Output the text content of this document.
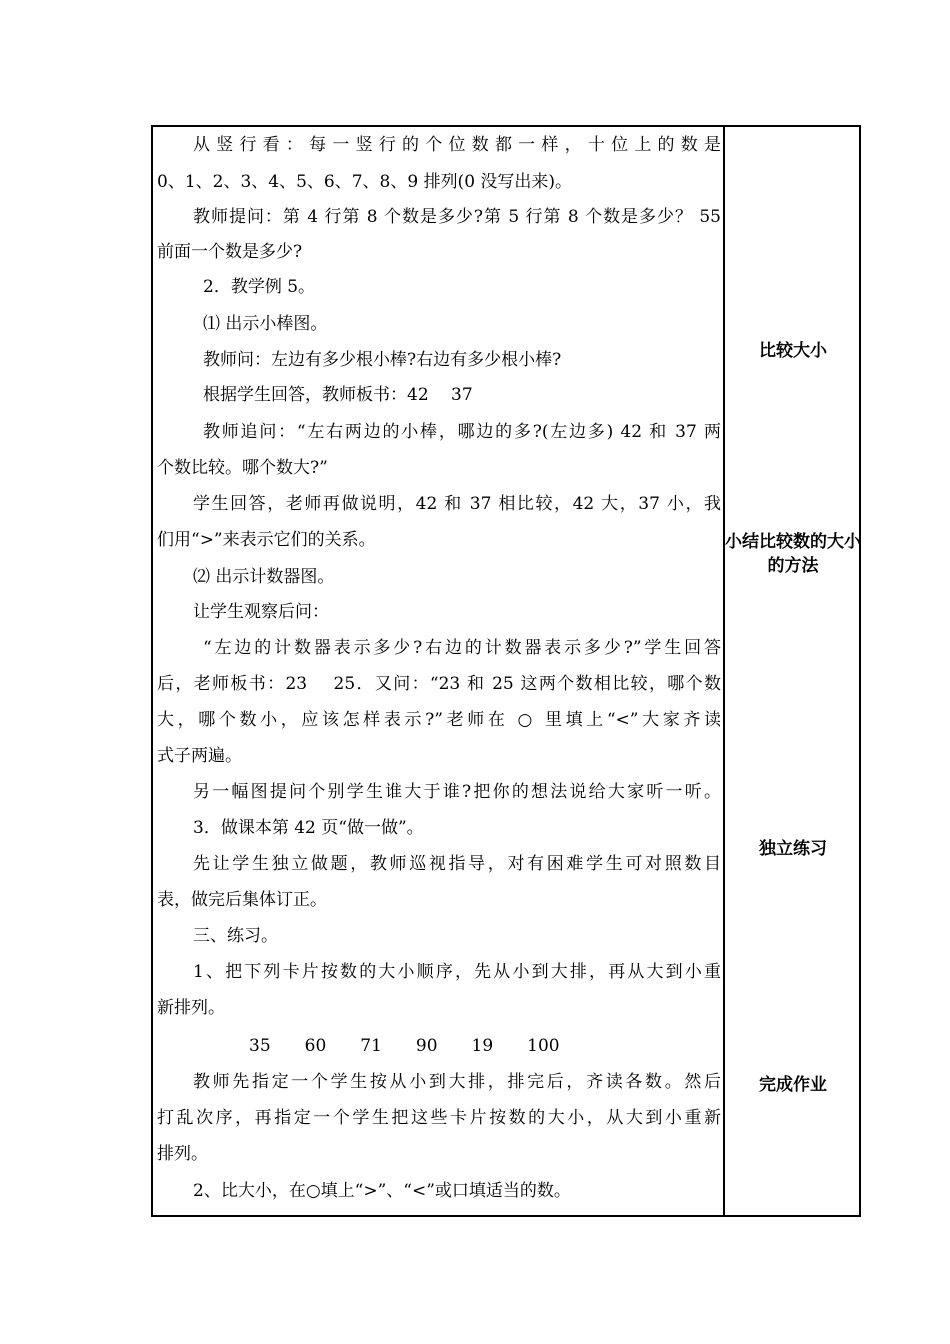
从竖行看：每一竖行的个位数都一样，十位上的数是
0、1、2、3、4、5、6、7、8、9 排列(0 没写出来)。
教师提问：第 4 行第 8 个数是多少?第 5 行第 8 个数是多少？ 55
前面一个数是多少?
2．教学例 5。
⑴ 出示小棒图。
教师问：左边有多少根小棒?右边有多少根小棒?
根据学生回答，教师板书：42　 37
教师追问：“左右两边的小棒，哪边的多?(左边多) 42 和 37 两
个数比较。哪个数大?”
学生回答，老师再做说明，42 和 37 相比较，42 大，37 小，我
们用“>”来表示它们的关系。
⑵ 出示计数器图。
让学生观察后问：
“左边的计数器表示多少?右边的计数器表示多少?”学生回答
后，老师板书：23　 25．又问：“23 和 25 这两个数相比较，哪个数
大，哪个数小，应该怎样表示?”老师在 ○ 里填上“<”大家齐读
式子两遍。
另一幅图提问个别学生谁大于谁?把你的想法说给大家听一听。
3．做课本第 42 页“做一做”。
先让学生独立做题，教师巡视指导，对有困难学生可对照数目
表，做完后集体订正。
三、练习。
1、把下列卡片按数的大小顺序，先从小到大排，再从大到小重
新排列。
35　　60　　71　　90　　19　　100
教师先指定一个学生按从小到大排，排完后，齐读各数。然后
打乱次序，再指定一个学生把这些卡片按数的大小，从大到小重新
排列。
2、比大小，在○填上“>”、“<”或口填适当的数。
比较大小
小结比较数的大小的方法
独立练习
完成作业
